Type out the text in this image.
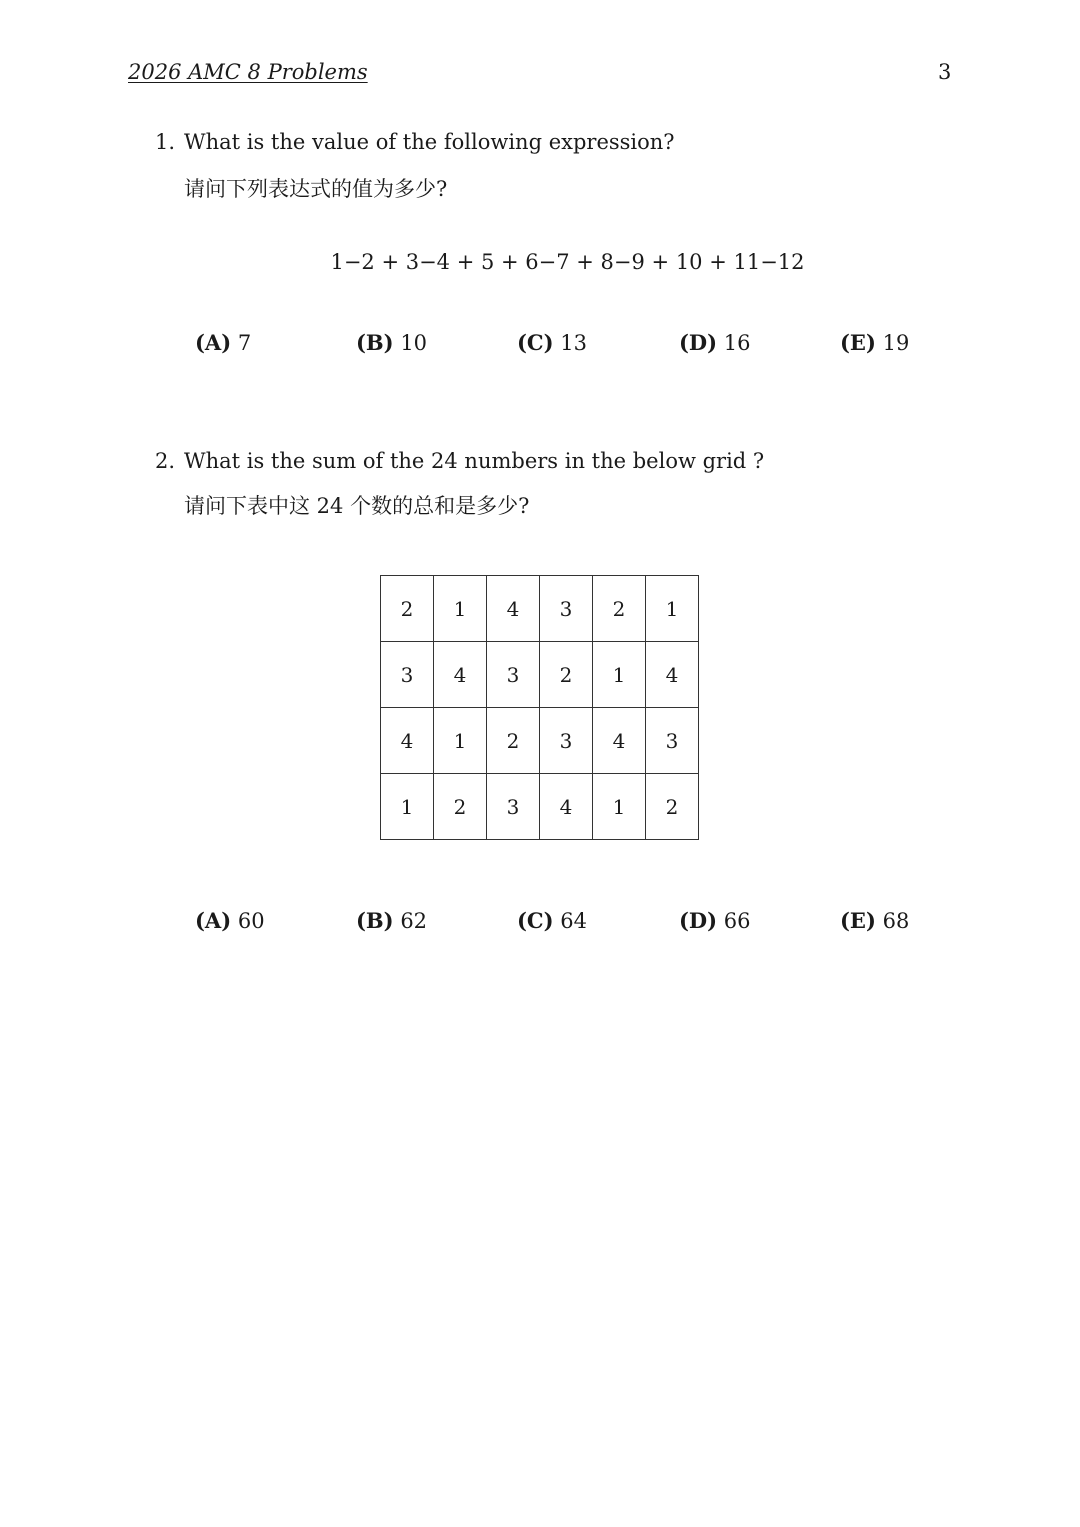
2026 AMC 8 Problems	3
1. What is the value of the following expression?
请问下列表达式的值为多少?
1−2 + 3−4 + 5 + 6−7 + 8−9 + 10 + 11−12
(A) 7	(B) 10	(C) 13	(D) 16	(E) 19
2. What is the sum of the 24 numbers in the below grid ?
请问下表中这 24 个数的总和是多少?
2	1	4	3	2	1
3	4	3	2	1	4
4	1	2	3	4	3
1	2	3	4	1	2
(A) 60	(B) 62	(C) 64	(D) 66	(E) 68
